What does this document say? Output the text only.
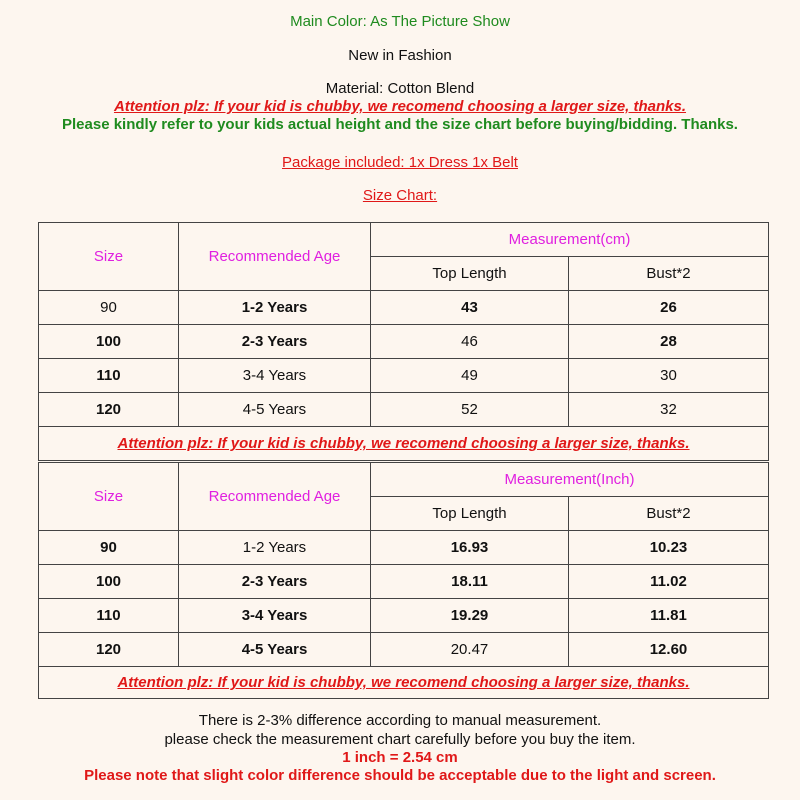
Main Color: As The Picture Show
New in Fashion
Material: Cotton Blend
Attention plz: If your kid is chubby, we recomend choosing a larger size, thanks.
Please kindly refer to your kids actual height and the size chart before buying/bidding. Thanks.
Package included: 1x Dress 1x Belt
Size Chart:
Size	Recommended Age	Measurement(cm)	
		Top Length	Bust*2
90	1-2 Years	43	26
100	2-3 Years	46	28
110	3-4 Years	49	30
120	4-5 Years	52	32
Attention plz: If your kid is chubby, we recomend choosing a larger size, thanks.			
Size	Recommended Age	Measurement(Inch)	
		Top Length	Bust*2
90	1-2 Years	16.93	10.23
100	2-3 Years	18.11	11.02
110	3-4 Years	19.29	11.81
120	4-5 Years	20.47	12.60
Attention plz: If your kid is chubby, we recomend choosing a larger size, thanks.			
There is 2-3% difference according to manual measurement.
please check the measurement chart carefully before you buy the item.
1 inch = 2.54 cm
Please note that slight color difference should be acceptable due to the light and screen.
